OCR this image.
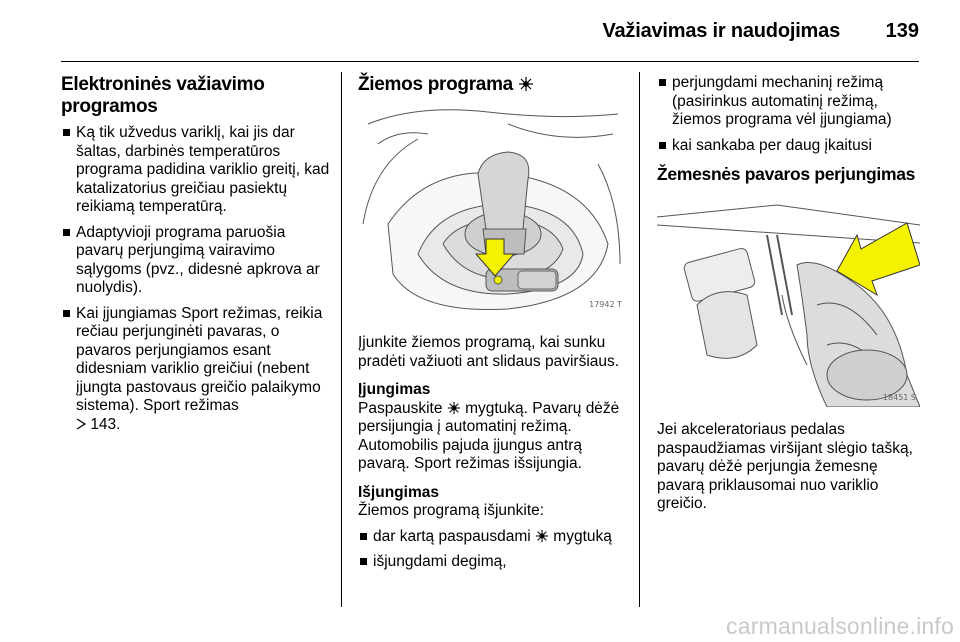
Važiavimas ir naudojimas 139
Elektroninės važiavimo
programos
Ką tik užvedus variklį, kai jis dar šaltas, darbinės temperatūros programa padidina variklio greitį, kad katalizatorius greičiau pasiektų reikiamą temperatūrą.
Adaptyvioji programa paruošia pavarų perjungimą vairavimo sąlygoms (pvz., didesnė apkrova ar nuolydis).
Kai įjungiamas Sport režimas, reikia rečiau perjunginėti pavaras, o pavaros perjungiamos esant didesniam variklio greičiui (nebent įjungta pastovaus greičio palaikymo sistema). Sport režimas
143.
Žiemos programa
17942 T

Įjunkite žiemos programą, kai sunku pradėti važiuoti ant slidaus paviršiaus.

Įjungimas

Paspauskite mygtuką. Pavarų dėžė persijungia į automatinį režimą. Automobilis pajuda įjungus antrą pavarą. Sport režimas išsijungia.

Išjungimas

Žiemos programą išjunkite:

dar kartą paspausdami mygtuką
išjungdami degimą,
perjungdami mechaninį režimą (pasirinkus automatinį režimą, žiemos programa vėl įjungiama)
kai sankaba per daug įkaitusi
Žemesnės pavaros perjungimas
18451 S

Jei akceleratoriaus pedalas paspaudžiamas viršijant slėgio tašką, pavarų dėžė perjungia žemesnę pavarą priklausomai nuo variklio greičio.

carmanualsonline.info
